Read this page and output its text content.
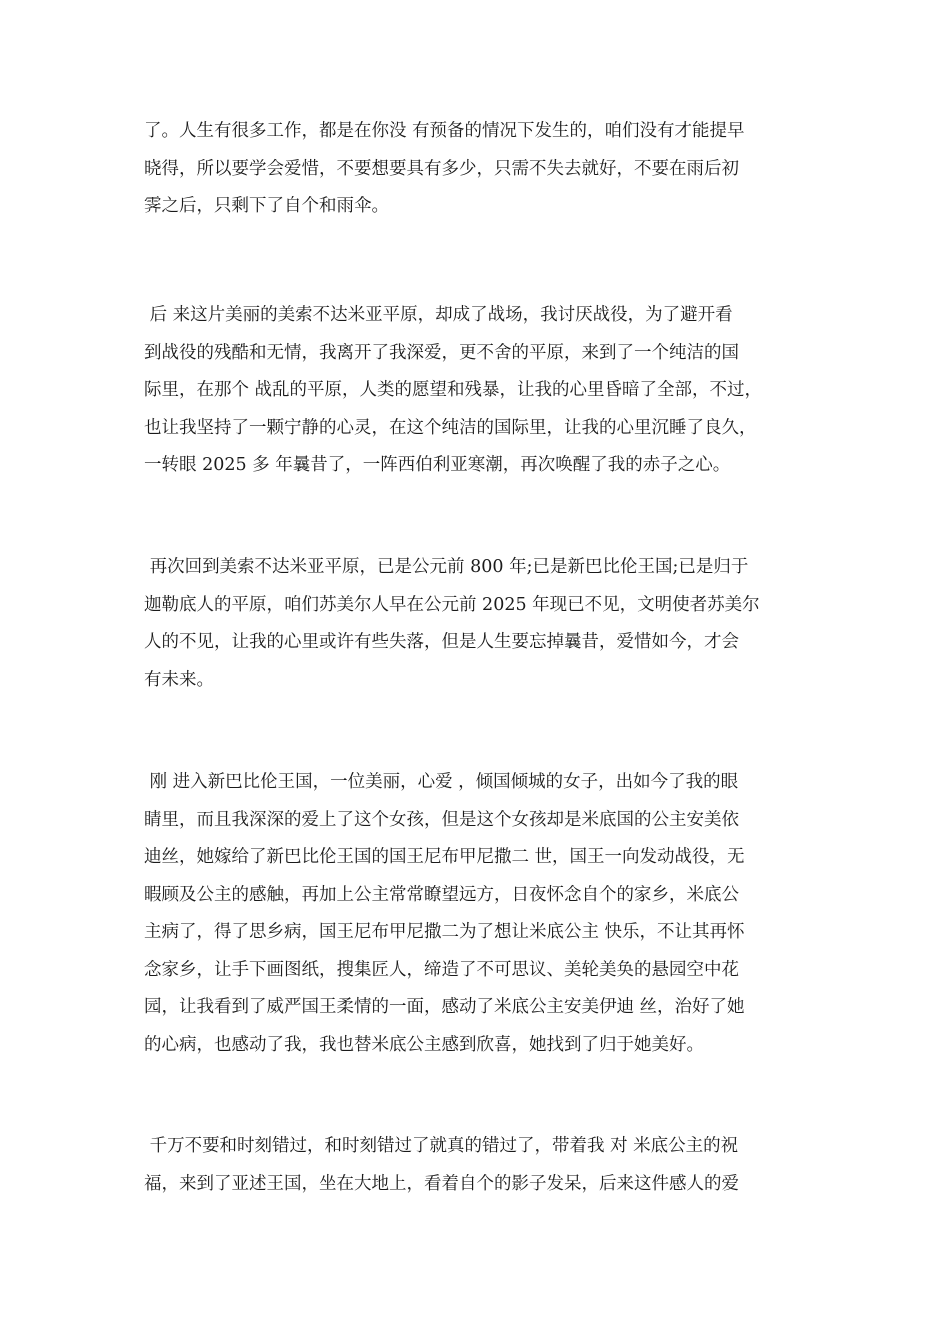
了。人生有很多工作，都是在你没 有预备的情况下发生的，咱们没有才能提早
晓得，所以要学会爱惜，不要想要具有多少，只需不失去就好，不要在雨后初
霁之后，只剩下了自个和雨伞。
后 来这片美丽的美索不达米亚平原，却成了战场，我讨厌战役，为了避开看
到战役的残酷和无情，我离开了我深爱，更不舍的平原，来到了一个纯洁的国
际里，在那个 战乱的平原，人类的愿望和残暴，让我的心里昏暗了全部，不过，
也让我坚持了一颗宁静的心灵，在这个纯洁的国际里，让我的心里沉睡了良久，
一转眼 2025 多 年曩昔了，一阵西伯利亚寒潮，再次唤醒了我的赤子之心。
再次回到美索不达米亚平原，已是公元前 800 年;已是新巴比伦王国;已是归于
迦勒底人的平原，咱们苏美尔人早在公元前 2025 年现已不见，文明使者苏美尔
人的不见，让我的心里或许有些失落，但是人生要忘掉曩昔，爱惜如今，才会
有未来。
刚 进入新巴比伦王国，一位美丽，心爱 ，倾国倾城的女子，出如今了我的眼
睛里，而且我深深的爱上了这个女孩，但是这个女孩却是米底国的公主安美依
迪丝，她嫁给了新巴比伦王国的国王尼布甲尼撒二 世，国王一向发动战役，无
暇顾及公主的感触，再加上公主常常瞭望远方，日夜怀念自个的家乡，米底公
主病了，得了思乡病，国王尼布甲尼撒二为了想让米底公主 快乐，不让其再怀
念家乡，让手下画图纸，搜集匠人，缔造了不可思议、美轮美奂的悬园空中花
园，让我看到了威严国王柔情的一面，感动了米底公主安美伊迪 丝，治好了她
的心病，也感动了我，我也替米底公主感到欣喜，她找到了归于她美好。
千万不要和时刻错过，和时刻错过了就真的错过了，带着我 对 米底公主的祝
福，来到了亚述王国，坐在大地上，看着自个的影子发呆，后来这件感人的爱
